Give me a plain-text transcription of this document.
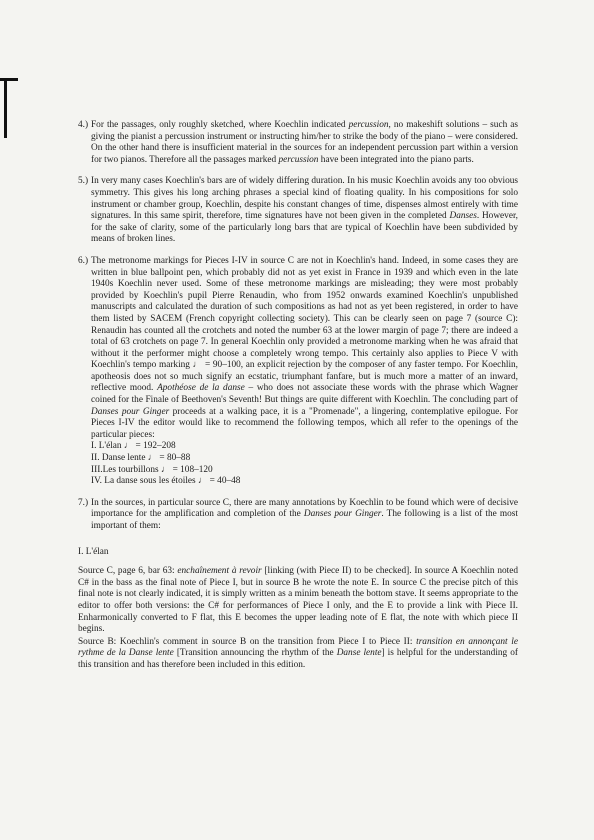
4.) For the passages, only roughly sketched, where Koechlin indicated percussion, no makeshift solutions – such as giving the pianist a percussion instrument or instructing him/her to strike the body of the piano – were considered. On the other hand there is insufficient material in the sources for an independent percussion part within a version for two pianos. Therefore all the passages marked percussion have been integrated into the piano parts.

5.) In very many cases Koechlin's bars are of widely differing duration. In his music Koechlin avoids any too obvious symmetry. This gives his long arching phrases a special kind of floating quality. In his compositions for solo instrument or chamber group, Koechlin, despite his constant changes of time, dispenses almost entirely with time signatures. In this same spirit, therefore, time signatures have not been given in the completed Danses. However, for the sake of clarity, some of the particularly long bars that are typical of Koechlin have been subdivided by means of broken lines.

6.) The metronome markings for Pieces I-IV in source C are not in Koechlin's hand. Indeed, in some cases they are written in blue ballpoint pen, which probably did not as yet exist in France in 1939 and which even in the late 1940s Koechlin never used. Some of these metronome markings are misleading; they were most probably provided by Koechlin's pupil Pierre Renaudin, who from 1952 onwards examined Koechlin's unpublished manuscripts and calculated the duration of such compositions as had not as yet been registered, in order to have them listed by SACEM (French copyright collecting society). This can be clearly seen on page 7 (source C): Renaudin has counted all the crotchets and noted the number 63 at the lower margin of page 7; there are indeed a total of 63 crotchets on page 7. In general Koechlin only provided a metronome marking when he was afraid that without it the performer might choose a completely wrong tempo. This certainly also applies to Piece V with Koechlin's tempo marking ♩ = 90–100, an explicit rejection by the composer of any faster tempo. For Koechlin, apotheosis does not so much signify an ecstatic, triumphant fanfare, but is much more a matter of an inward, reflective mood. Apothéose de la danse – who does not associate these words with the phrase which Wagner coined for the Finale of Beethoven's Seventh! But things are quite different with Koechlin. The concluding part of Danses pour Ginger proceeds at a walking pace, it is a "Promenade", a lingering, contemplative epilogue. For Pieces I-IV the editor would like to recommend the following tempos, which all refer to the openings of the particular pieces:

I. L'élan ♩ = 192–208
II. Danse lente ♩ = 80–88
III.Les tourbillons ♩ = 108–120
IV. La danse sous les étoiles ♩ = 40–48
7.) In the sources, in particular source C, there are many annotations by Koechlin to be found which were of decisive importance for the amplification and completion of the Danses pour Ginger. The following is a list of the most important of them:

I. L'élan

Source C, page 6, bar 63: enchaînement à revoir [linking (with Piece II) to be checked]. In source A Koechlin noted C# in the bass as the final note of Piece I, but in source B he wrote the note E. In source C the precise pitch of this final note is not clearly indicated, it is simply written as a minim beneath the bottom stave. It seems appropriate to the editor to offer both versions: the C# for performances of Piece I only, and the E to provide a link with Piece II. Enharmonically converted to F flat, this E becomes the upper leading note of E flat, the note with which piece II begins.

Source B: Koechlin's comment in source B on the transition from Piece I to Piece II: transition en annonçant le rythme de la Danse lente [Transition announcing the rhythm of the Danse lente] is helpful for the understanding of this transition and has therefore been included in this edition.
